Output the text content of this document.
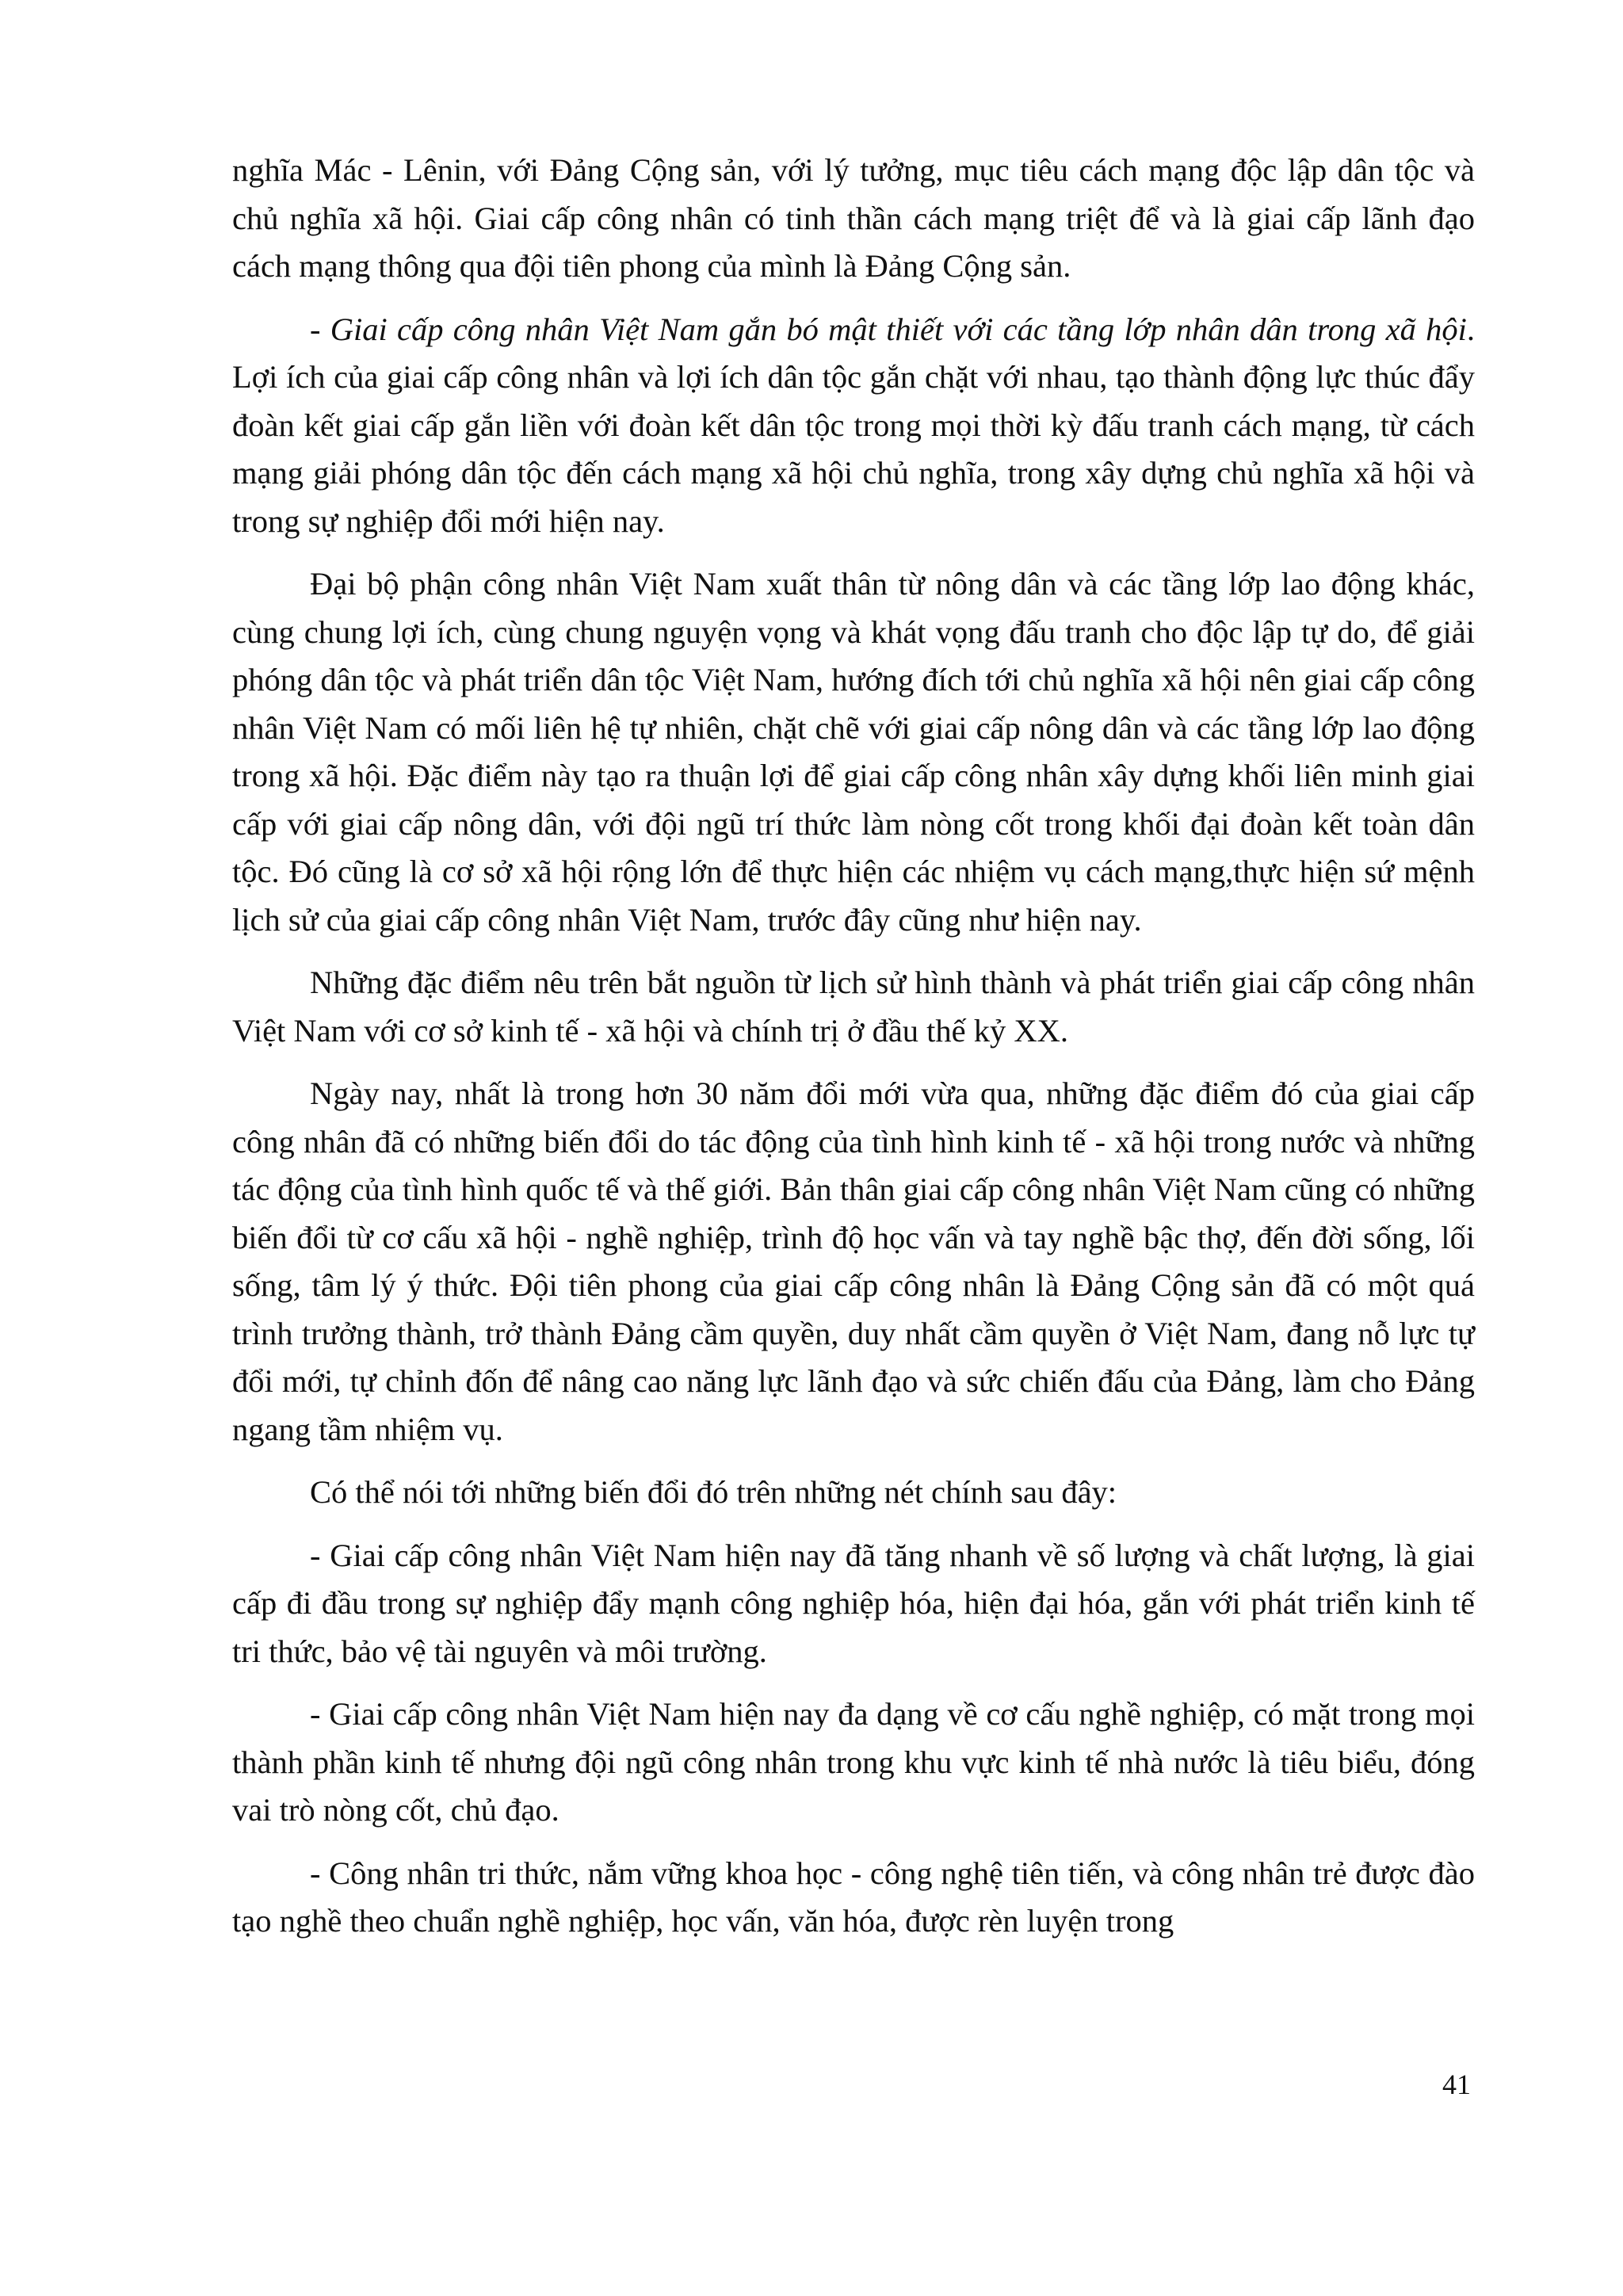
nghĩa Mác - Lênin, với Đảng Cộng sản, với lý tưởng, mục tiêu cách mạng độc lập dân tộc và chủ nghĩa xã hội. Giai cấp công nhân có tinh thần cách mạng triệt để và là giai cấp lãnh đạo cách mạng thông qua đội tiên phong của mình là Đảng Cộng sản.

- Giai cấp công nhân Việt Nam gắn bó mật thiết với các tầng lớp nhân dân trong xã hội. Lợi ích của giai cấp công nhân và lợi ích dân tộc gắn chặt với nhau, tạo thành động lực thúc đẩy đoàn kết giai cấp gắn liền với đoàn kết dân tộc trong mọi thời kỳ đấu tranh cách mạng, từ cách mạng giải phóng dân tộc đến cách mạng xã hội chủ nghĩa, trong xây dựng chủ nghĩa xã hội và trong sự nghiệp đổi mới hiện nay.

Đại bộ phận công nhân Việt Nam xuất thân từ nông dân và các tầng lớp lao động khác, cùng chung lợi ích, cùng chung nguyện vọng và khát vọng đấu tranh cho độc lập tự do, để giải phóng dân tộc và phát triển dân tộc Việt Nam, hướng đích tới chủ nghĩa xã hội nên giai cấp công nhân Việt Nam có mối liên hệ tự nhiên, chặt chẽ với giai cấp nông dân và các tầng lớp lao động trong xã hội. Đặc điểm này tạo ra thuận lợi để giai cấp công nhân xây dựng khối liên minh giai cấp với giai cấp nông dân, với đội ngũ trí thức làm nòng cốt trong khối đại đoàn kết toàn dân tộc. Đó cũng là cơ sở xã hội rộng lớn để thực hiện các nhiệm vụ cách mạng,thực hiện sứ mệnh lịch sử của giai cấp công nhân Việt Nam, trước đây cũng như hiện nay.

Những đặc điểm nêu trên bắt nguồn từ lịch sử hình thành và phát triển giai cấp công nhân Việt Nam với cơ sở kinh tế - xã hội và chính trị ở đầu thế kỷ XX.

Ngày nay, nhất là trong hơn 30 năm đổi mới vừa qua, những đặc điểm đó của giai cấp công nhân đã có những biến đổi do tác động của tình hình kinh tế - xã hội trong nước và những tác động của tình hình quốc tế và thế giới. Bản thân giai cấp công nhân Việt Nam cũng có những biến đổi từ cơ cấu xã hội - nghề nghiệp, trình độ học vấn và tay nghề bậc thợ, đến đời sống, lối sống, tâm lý ý thức. Đội tiên phong của giai cấp công nhân là Đảng Cộng sản đã có một quá trình trưởng thành, trở thành Đảng cầm quyền, duy nhất cầm quyền ở Việt Nam, đang nỗ lực tự đổi mới, tự chỉnh đốn để nâng cao năng lực lãnh đạo và sức chiến đấu của Đảng, làm cho Đảng ngang tầm nhiệm vụ.

Có thể nói tới những biến đổi đó trên những nét chính sau đây:

- Giai cấp công nhân Việt Nam hiện nay đã tăng nhanh về số lượng và chất lượng, là giai cấp đi đầu trong sự nghiệp đẩy mạnh công nghiệp hóa, hiện đại hóa, gắn với phát triển kinh tế tri thức, bảo vệ tài nguyên và môi trường.

- Giai cấp công nhân Việt Nam hiện nay đa dạng về cơ cấu nghề nghiệp, có mặt trong mọi thành phần kinh tế nhưng đội ngũ công nhân trong khu vực kinh tế nhà nước là tiêu biểu, đóng vai trò nòng cốt, chủ đạo.

- Công nhân tri thức, nắm vững khoa học - công nghệ tiên tiến, và công nhân trẻ được đào tạo nghề theo chuẩn nghề nghiệp, học vấn, văn hóa, được rèn luyện trong

41
